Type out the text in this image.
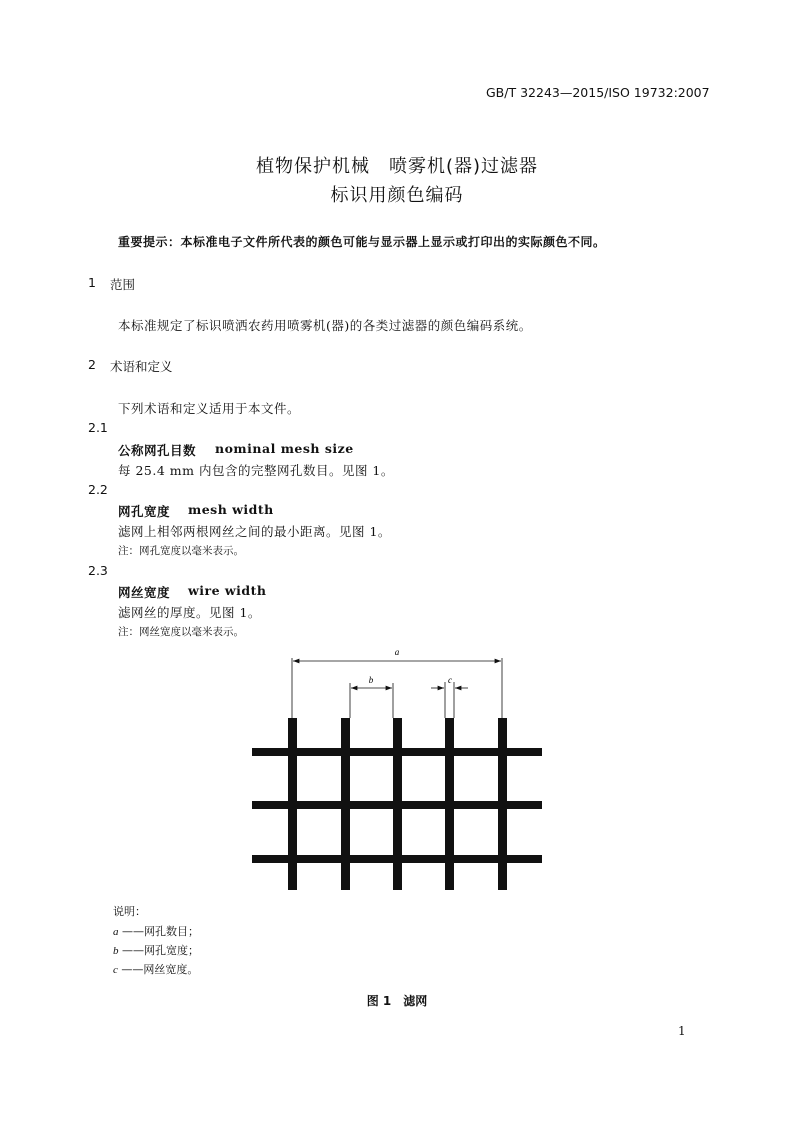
GB/T 32243—2015/ISO 19732:2007
植物保护机械　喷雾机(器)过滤器
标识用颜色编码
重要提示：本标准电子文件所代表的颜色可能与显示器上显示或打印出的实际颜色不同。
1 范围
本标准规定了标识喷洒农药用喷雾机(器)的各类过滤器的颜色编码系统。
2 术语和定义
下列术语和定义适用于本文件。
2.1
公称网孔目数 nominal mesh size
每 25.4 mm 内包含的完整网孔数目。见图 1。
2.2
网孔宽度 mesh width
滤网上相邻两根网丝之间的最小距离。见图 1。
注：网孔宽度以毫米表示。
2.3
网丝宽度 wire width
滤网丝的厚度。见图 1。
注：网丝宽度以毫米表示。
a
b	c
说明：
a ——网孔数目；
b ——网孔宽度；
c ——网丝宽度。
图 1　滤网
1
